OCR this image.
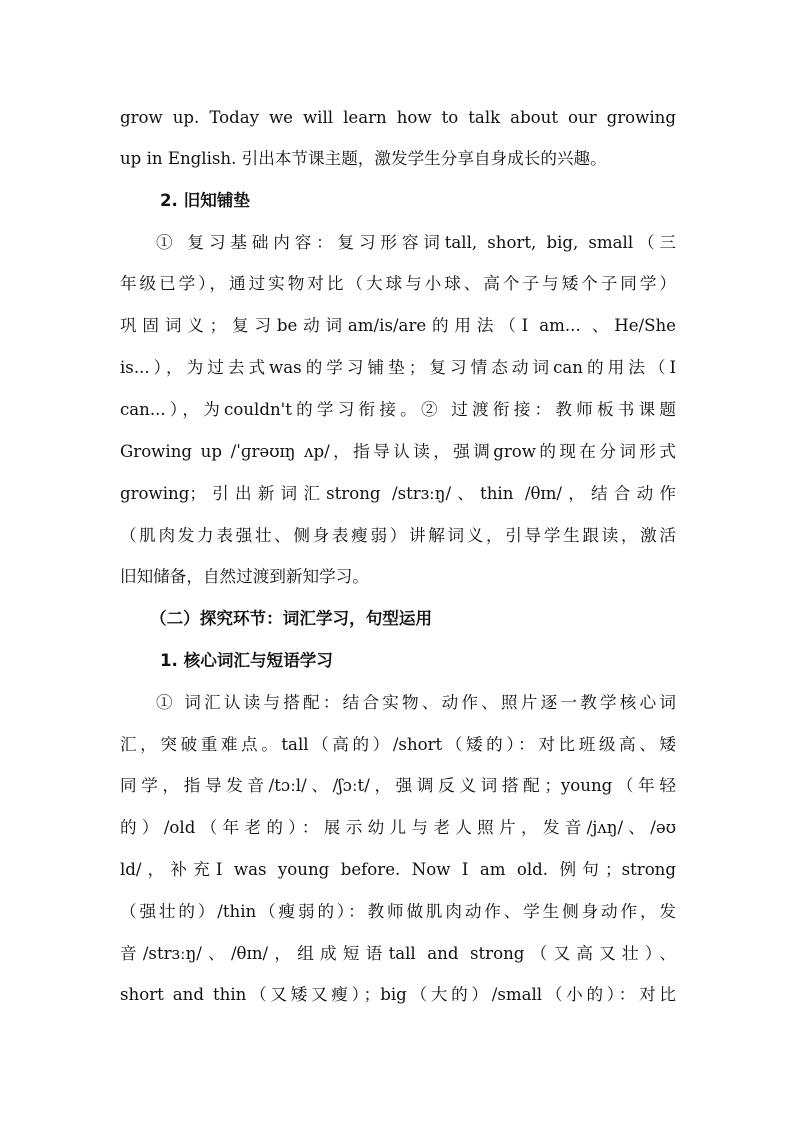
grow up. Today we will learn how to talk about our growing
up in English. 引出本节课主题，激发学生分享自身成长的兴趣。
2. 旧知铺垫
① 复习基础内容：复习形容词tall, short, big, small（三
年级已学），通过实物对比（大球与小球、高个子与矮个子同学）
巩固词义；复习be动词am/is/are的用法（I am... 、He/She
is...），为过去式was的学习铺垫；复习情态动词can的用法（I
can...），为couldn't的学习衔接。② 过渡衔接：教师板书课题
Growing up /ˈɡrəʊɪŋ ʌp/，指导认读，强调grow的现在分词形式
growing；引出新词汇strong /strɜːŋ/、thin /θɪn/，结合动作
（肌肉发力表强壮、侧身表瘦弱）讲解词义，引导学生跟读，激活
旧知储备，自然过渡到新知学习。
（二）探究环节：词汇学习，句型运用
1. 核心词汇与短语学习
① 词汇认读与搭配：结合实物、动作、照片逐一教学核心词
汇，突破重难点。tall（高的）/short（矮的）：对比班级高、矮
同学，指导发音/tɔːl/、/ʃɔːt/，强调反义词搭配；young（年轻
的）/old（年老的）：展示幼儿与老人照片，发音/jʌŋ/、/əʊ
ld/，补充I was young before. Now I am old. 例句；strong
（强壮的）/thin（瘦弱的）：教师做肌肉动作、学生侧身动作，发
音/strɜːŋ/、/θɪn/，组成短语tall and strong（又高又壮）、
short and thin（又矮又瘦）；big（大的）/small（小的）：对比
